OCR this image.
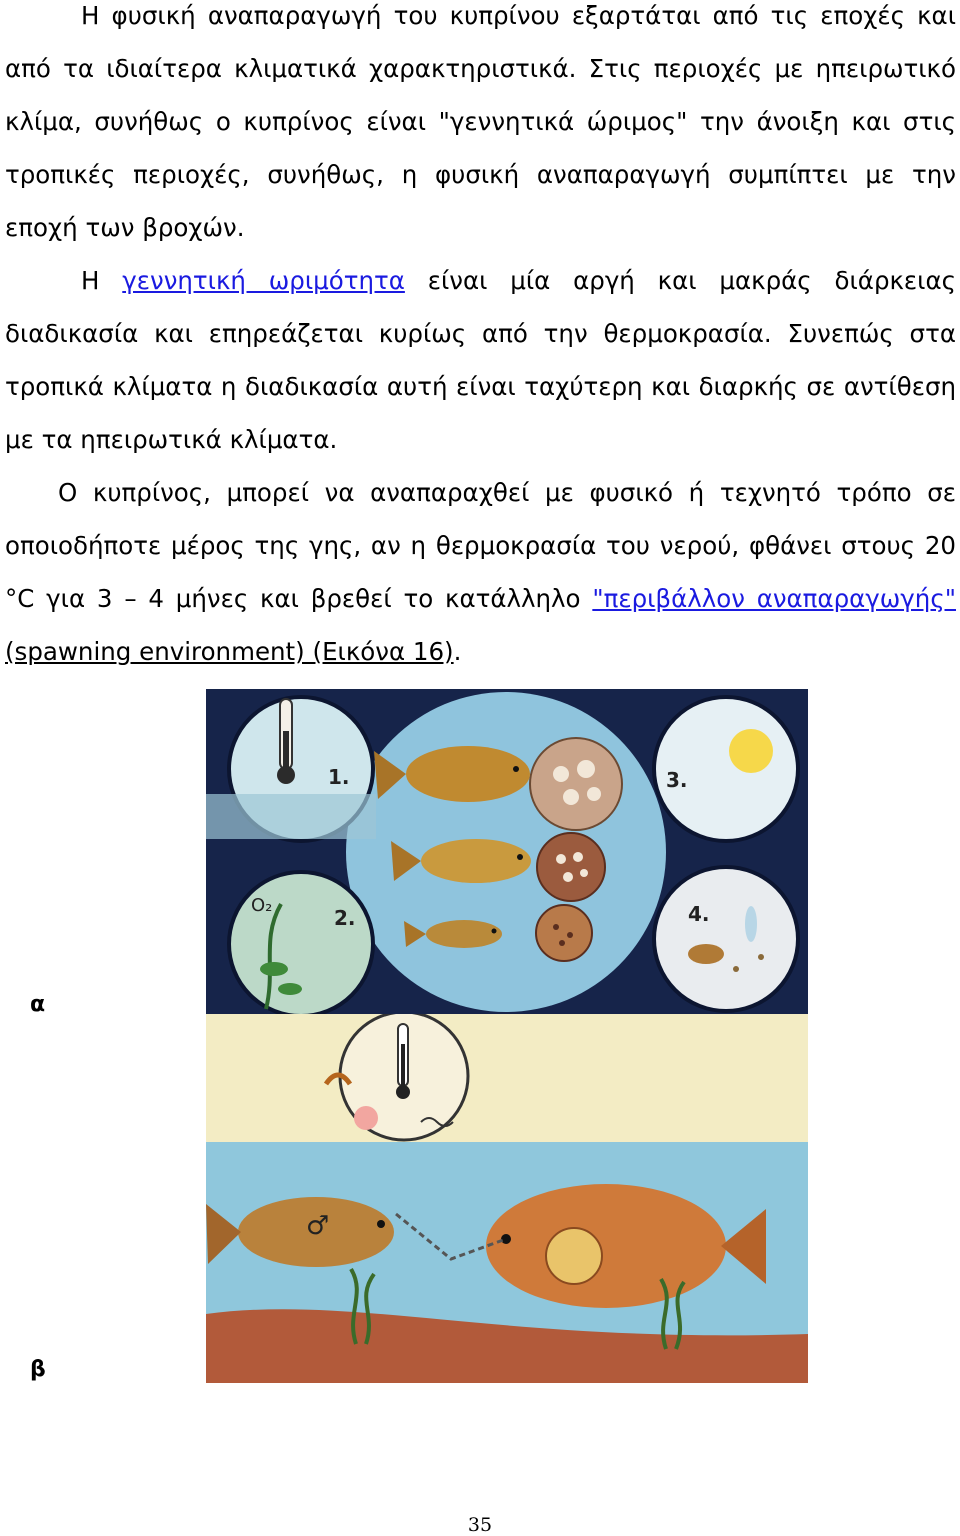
Η φυσική αναπαραγωγή του κυπρίνου εξαρτάται από τις εποχές και από τα ιδιαίτερα κλιματικά χαρακτηριστικά. Στις περιοχές με ηπειρωτικό κλίμα, συνήθως ο κυπρίνος είναι "γεννητικά ώριμος" την άνοιξη και στις τροπικές περιοχές, συνήθως, η φυσική αναπαραγωγή συμπίπτει με την εποχή των βροχών.

Η γεννητική ωριμότητα είναι μία αργή και μακράς διάρκειας διαδικασία και επηρεάζεται κυρίως από την θερμοκρασία. Συνεπώς στα τροπικά κλίματα η διαδικασία αυτή είναι ταχύτερη και διαρκής σε αντίθεση με τα ηπειρωτικά κλίματα.

Ο κυπρίνος, μπορεί να αναπαραχθεί με φυσικό ή τεχνητό τρόπο σε οποιοδήποτε μέρος της γης, αν η θερμοκρασία του νερού, φθάνει στους 20 °C για 3 – 4 μήνες και βρεθεί το κατάλληλο "περιβάλλον αναπαραγωγής" (spawning environment) (Εικόνα 16).

α
β
1.
O₂
2.
3.
4.
♂
35
